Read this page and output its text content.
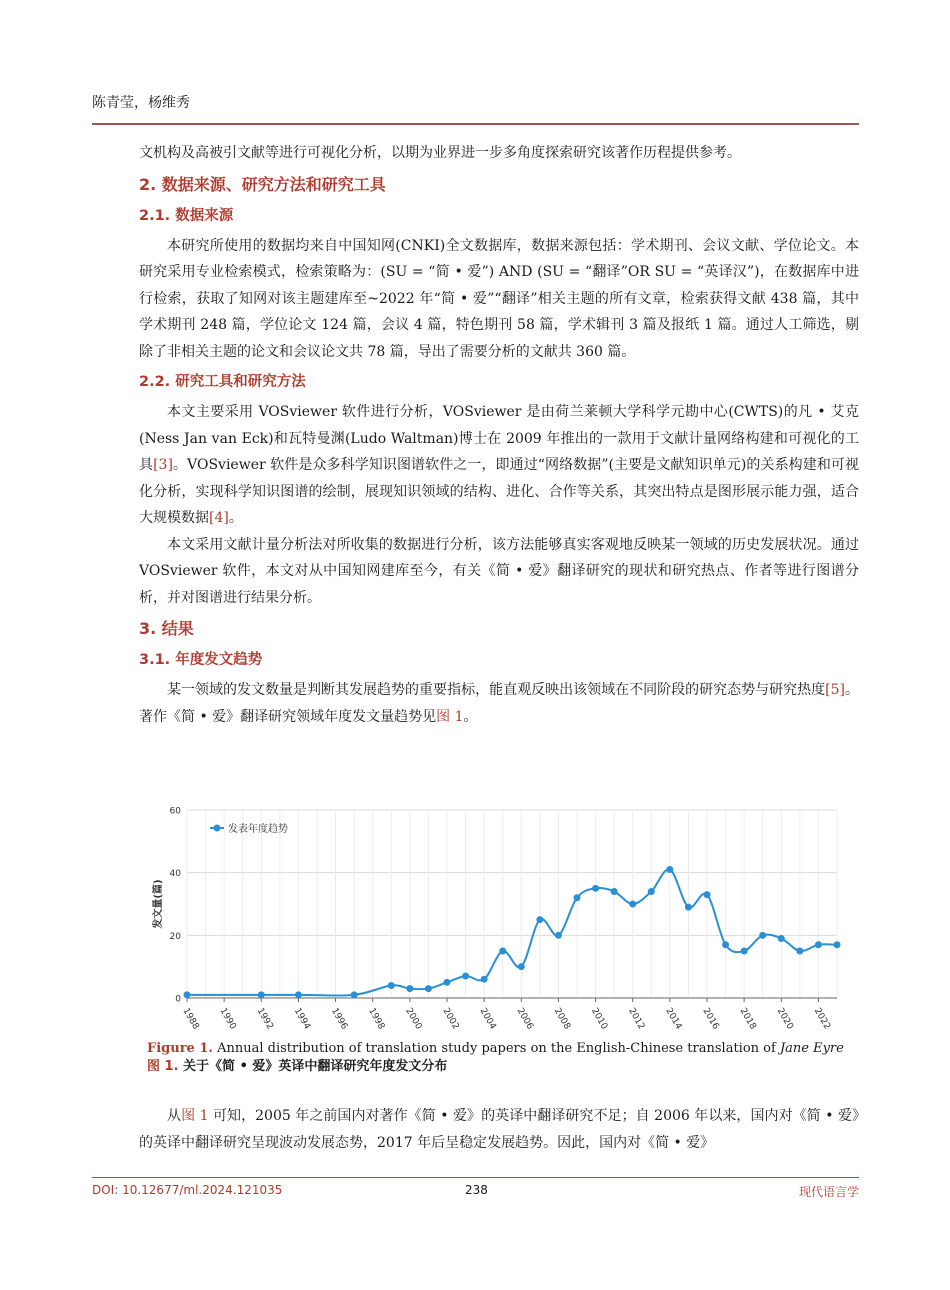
陈青莹，杨维秀

文机构及高被引文献等进行可视化分析，以期为业界进一步多角度探索研究该著作历程提供参考。

2. 数据来源、研究方法和研究工具
2.1. 数据来源

本研究所使用的数据均来自中国知网(CNKI)全文数据库，数据来源包括：学术期刊、会议文献、学位论文。本研究采用专业检索模式，检索策略为：(SU = “简 • 爱”) AND (SU = “翻译”OR SU = “英译汉”)，在数据库中进行检索，获取了知网对该主题建库至~2022 年“简 • 爱”“翻译”相关主题的所有文章，检索获得文献 438 篇，其中学术期刊 248 篇，学位论文 124 篇，会议 4 篇，特色期刊 58 篇，学术辑刊 3 篇及报纸 1 篇。通过人工筛选，剔除了非相关主题的论文和会议论文共 78 篇，导出了需要分析的文献共 360 篇。

2.2. 研究工具和研究方法

本文主要采用 VOSviewer 软件进行分析，VOSviewer 是由荷兰莱顿大学科学元勘中心(CWTS)的凡 • 艾克(Ness Jan van Eck)和瓦特曼渊(Ludo Waltman)博士在 2009 年推出的一款用于文献计量网络构建和可视化的工具[3]。VOSviewer 软件是众多科学知识图谱软件之一，即通过“网络数据”(主要是文献知识单元)的关系构建和可视化分析，实现科学知识图谱的绘制，展现知识领域的结构、进化、合作等关系，其突出特点是图形展示能力强，适合大规模数据[4]。

本文采用文献计量分析法对所收集的数据进行分析，该方法能够真实客观地反映某一领域的历史发展状况。通过 VOSviewer 软件，本文对从中国知网建库至今，有关《简 • 爱》翻译研究的现状和研究热点、作者等进行图谱分析，并对图谱进行结果分析。

3. 结果
3.1. 年度发文趋势

某一领域的发文数量是判断其发展趋势的重要指标，能直观反映出该领域在不同阶段的研究态势与研究热度[5]。著作《简 • 爱》翻译研究领域年度发文量趋势见图 1。

0
20
40
60
1988 1990 1992 1994 1996 1998 2000 2002 2004 2006 2008 2010 2012 2014 2016 2018 2020 2022
发文量(篇)
发表年度趋势
Figure 1. Annual distribution of translation study papers on the English-Chinese translation of Jane Eyre
图 1. 关于《简 • 爱》英译中翻译研究年度发文分布

从图 1 可知，2005 年之前国内对著作《简 • 爱》的英译中翻译研究不足；自 2006 年以来，国内对《简 • 爱》的英译中翻译研究呈现波动发展态势，2017 年后呈稳定发展趋势。因此，国内对《简 • 爱》

DOI: 10.12677/ml.2024.121035	238	现代语言学
